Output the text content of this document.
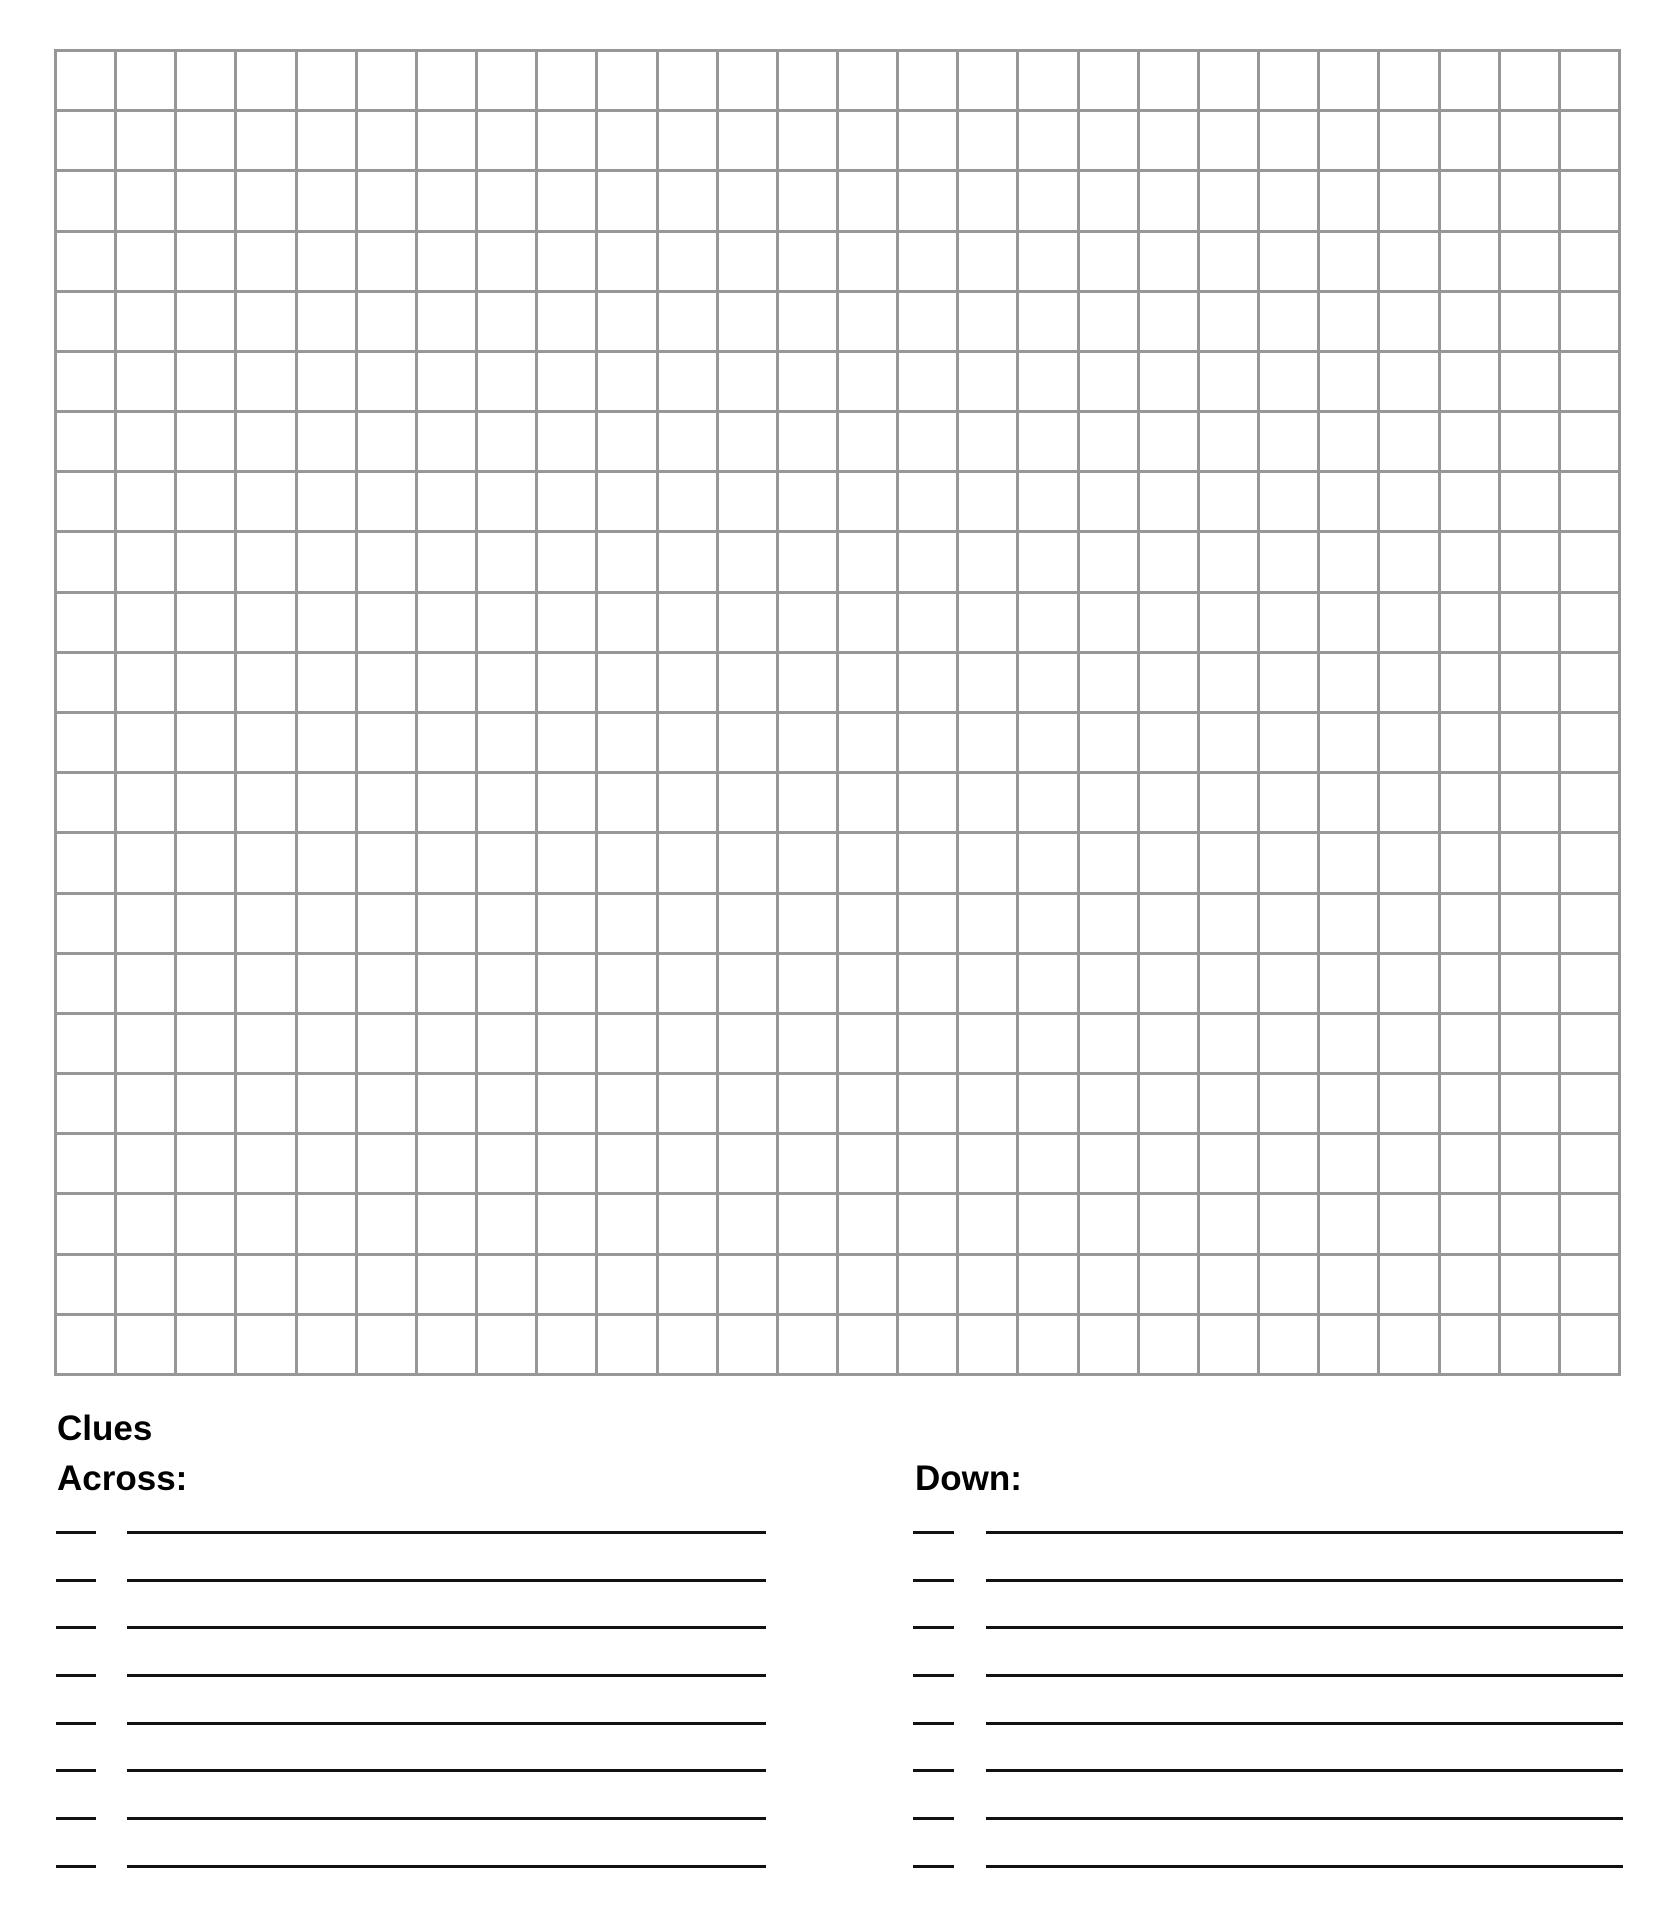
Clues
Across:	Down:
